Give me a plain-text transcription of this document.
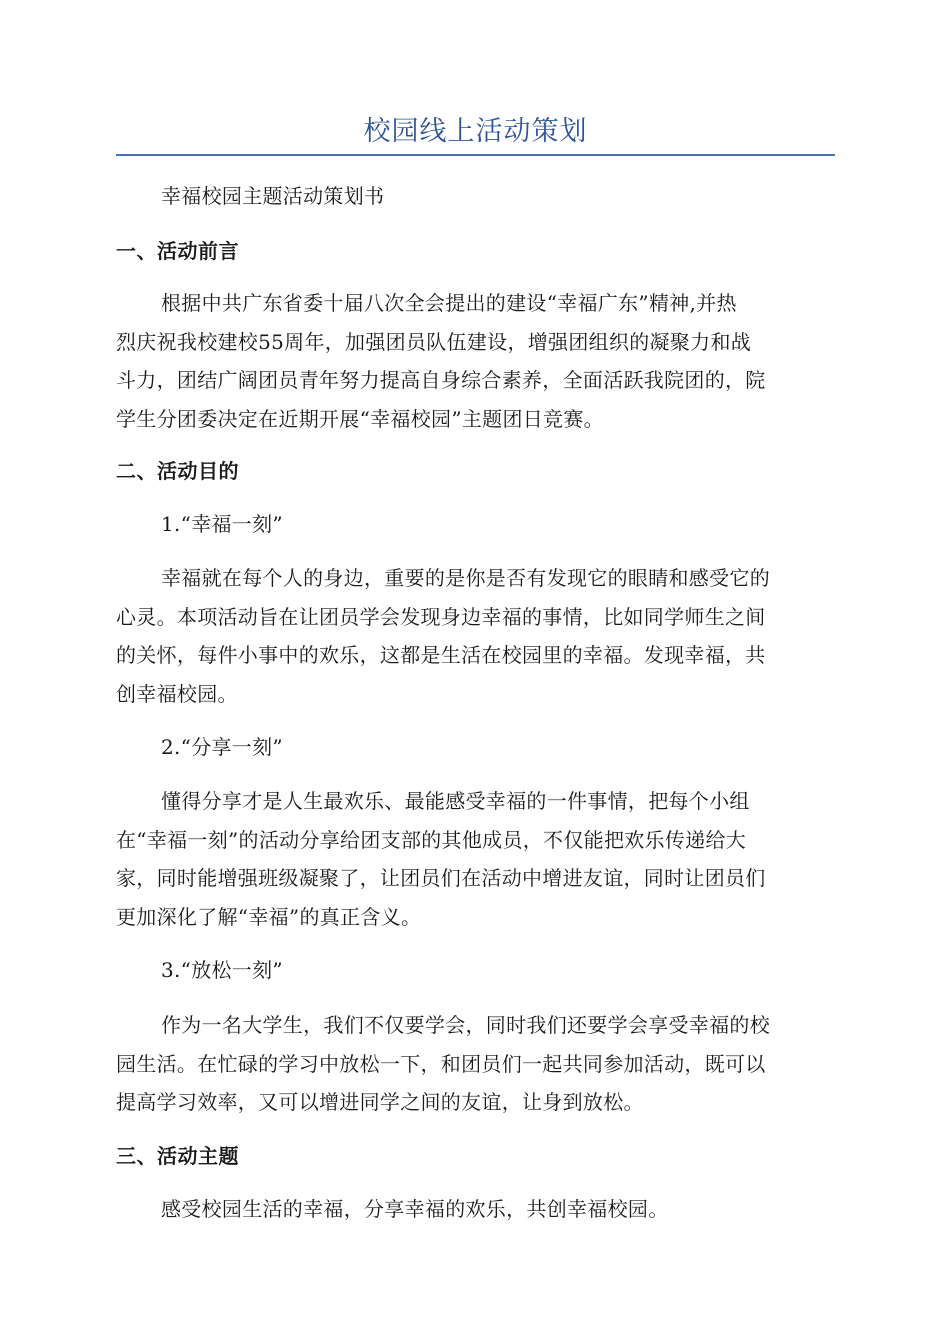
校园线上活动策划
幸福校园主题活动策划书
一、活动前言
根据中共广东省委十届八次全会提出的建设“幸福广东”精神,并热
烈庆祝我校建校55周年，加强团员队伍建设，增强团组织的凝聚力和战
斗力，团结广阔团员青年努力提高自身综合素养，全面活跃我院团的，院
学生分团委决定在近期开展“幸福校园”主题团日竞赛。
二、活动目的
1.“幸福一刻”
幸福就在每个人的身边，重要的是你是否有发现它的眼睛和感受它的
心灵。本项活动旨在让团员学会发现身边幸福的事情，比如同学师生之间
的关怀，每件小事中的欢乐，这都是生活在校园里的幸福。发现幸福，共
创幸福校园。
2.“分享一刻”
懂得分享才是人生最欢乐、最能感受幸福的一件事情，把每个小组
在“幸福一刻”的活动分享给团支部的其他成员，不仅能把欢乐传递给大
家，同时能增强班级凝聚了，让团员们在活动中增进友谊，同时让团员们
更加深化了解“幸福”的真正含义。
3.“放松一刻”
作为一名大学生，我们不仅要学会，同时我们还要学会享受幸福的校
园生活。在忙碌的学习中放松一下，和团员们一起共同参加活动，既可以
提高学习效率，又可以增进同学之间的友谊，让身到放松。
三、活动主题
感受校园生活的幸福，分享幸福的欢乐，共创幸福校园。
